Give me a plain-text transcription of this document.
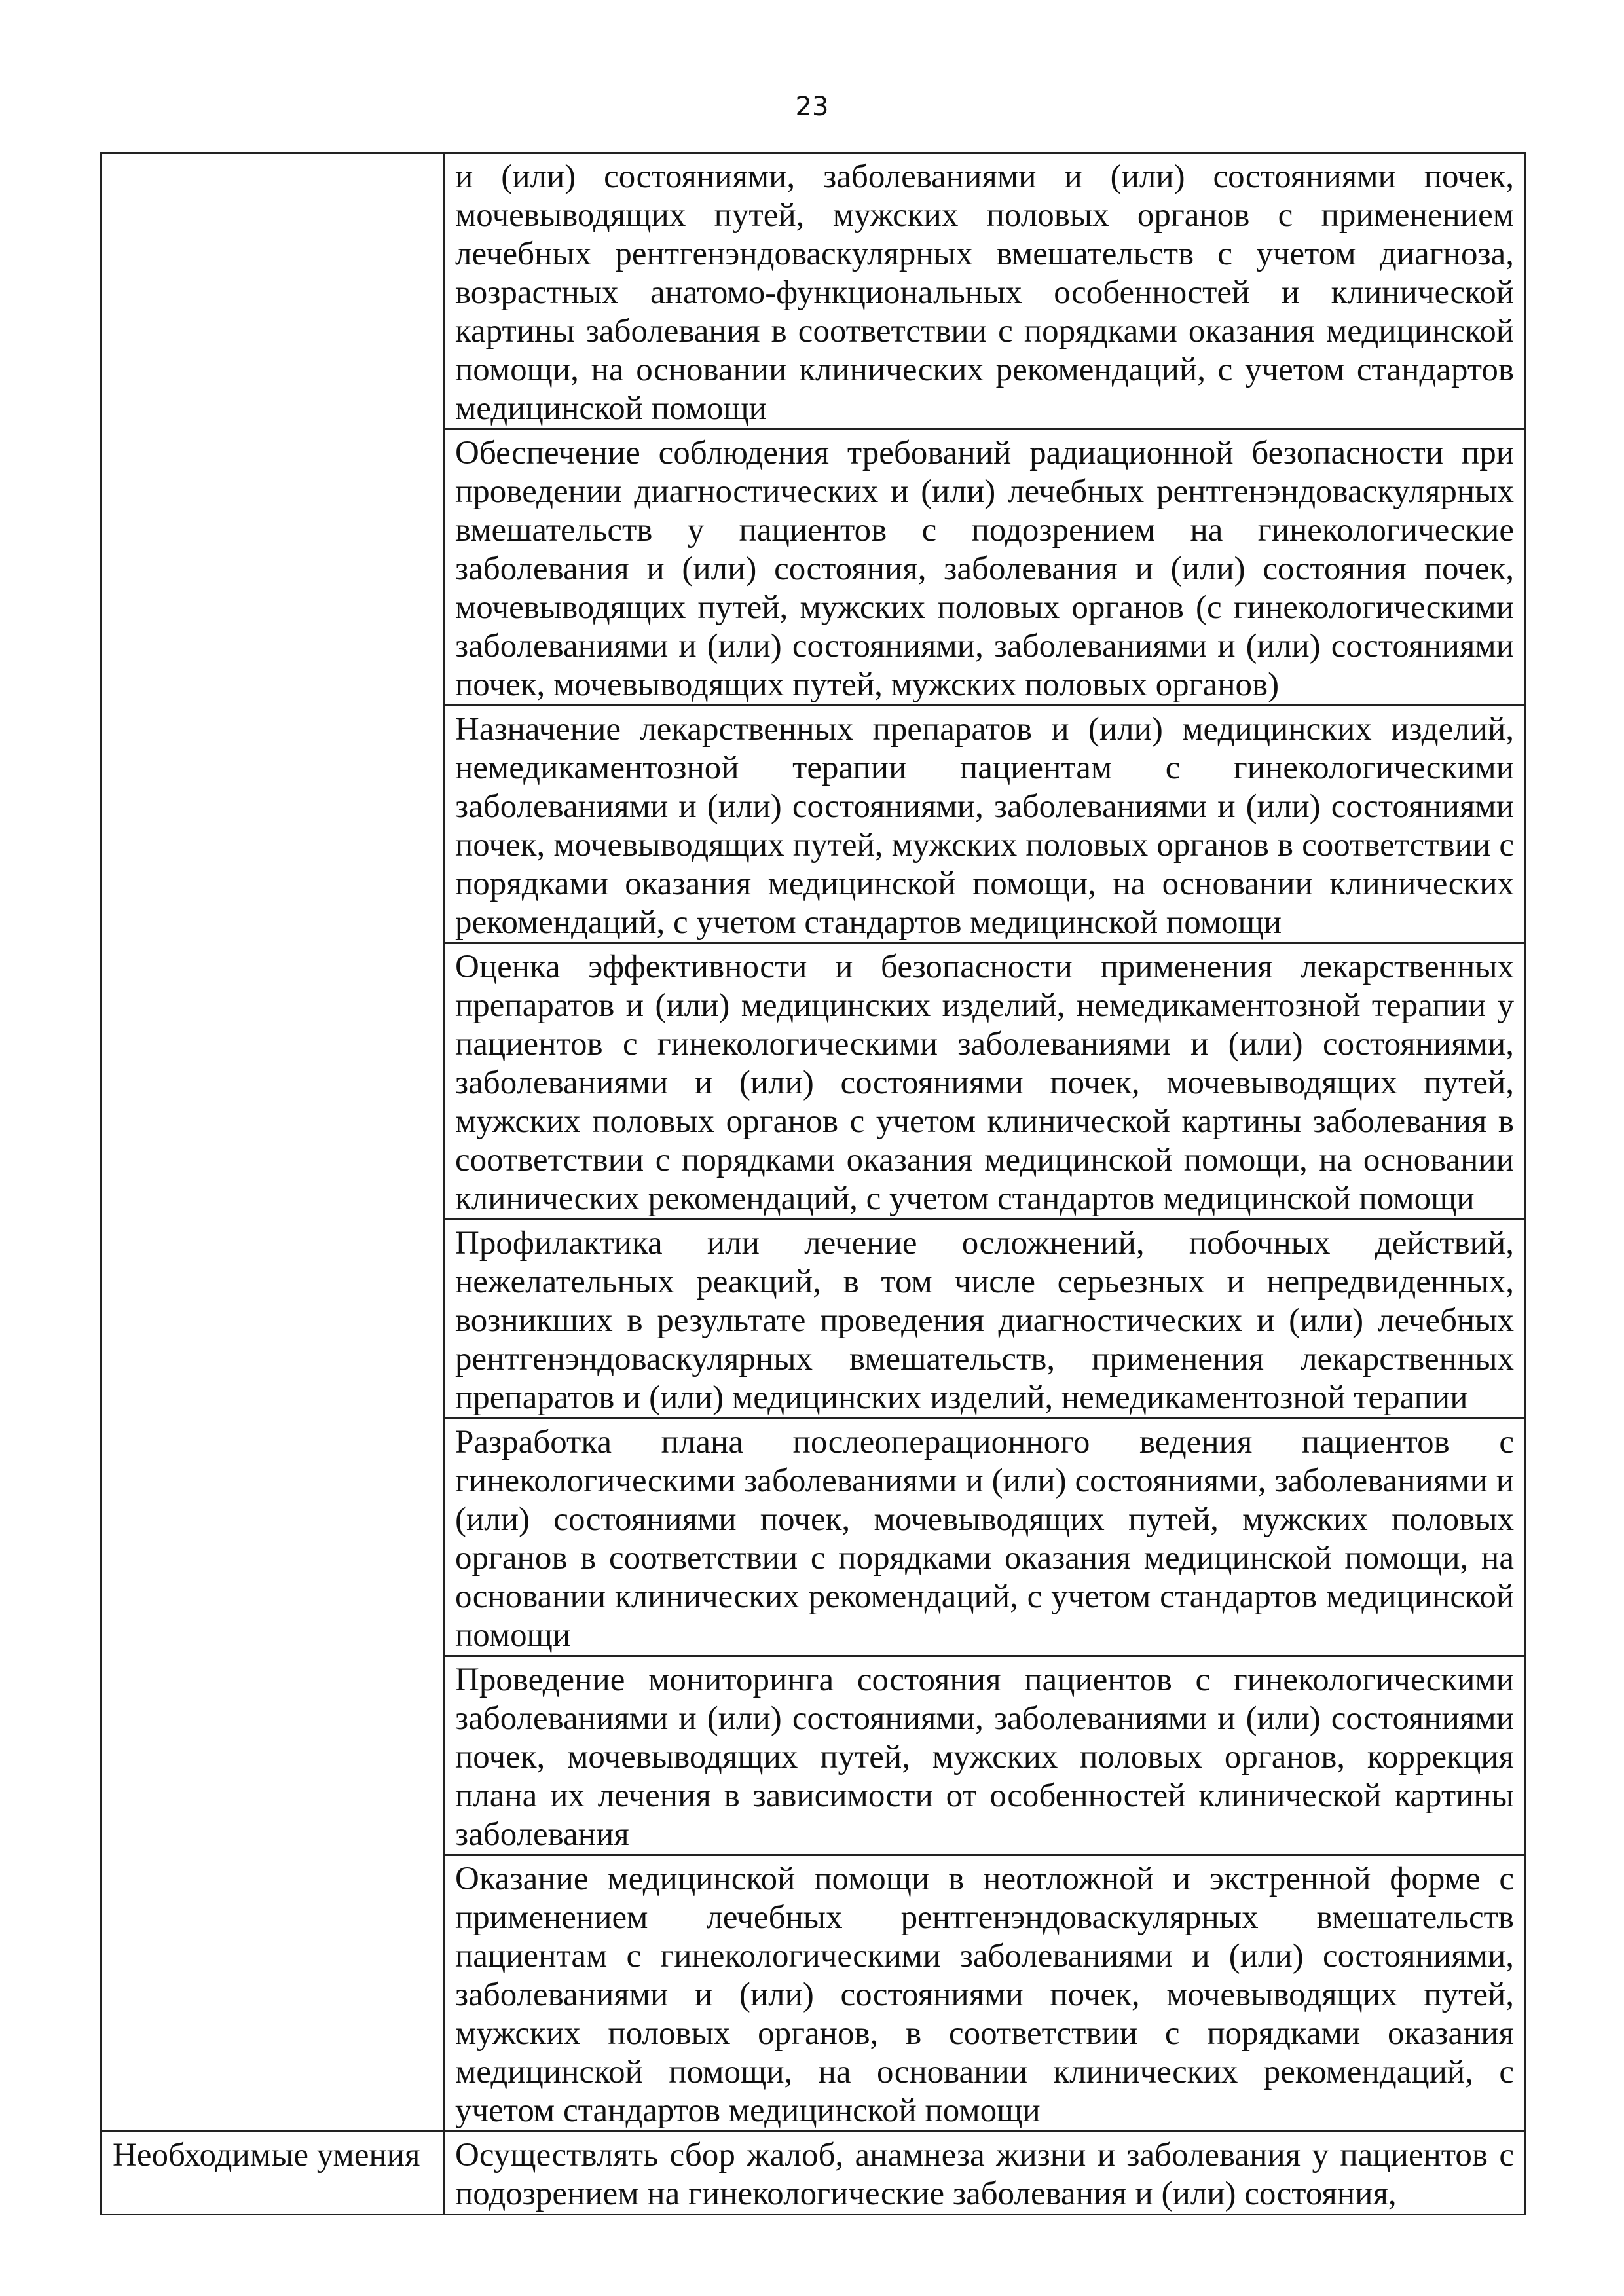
23
	и (или) состояниями, заболеваниями и (или) состояниями почек, мочевыводящих путей, мужских половых органов с применением лечебных рентгенэндоваскулярных вмешательств с учетом диагноза, возрастных анатомо-функциональных особенностей и клинической картины заболевания в соответствии с порядками оказания медицинской помощи, на основании клинических рекомендаций, с учетом стандартов медицинской помощи
	Обеспечение соблюдения требований радиационной безопасности при проведении диагностических и (или) лечебных рентгенэндоваскулярных вмешательств у пациентов с подозрением на гинекологические заболевания и (или) состояния, заболевания и (или) состояния почек, мочевыводящих путей, мужских половых органов (с гинекологическими заболеваниями и (или) состояниями, заболеваниями и (или) состояниями почек, мочевыводящих путей, мужских половых органов)
	Назначение лекарственных препаратов и (или) медицинских изделий, немедикаментозной терапии пациентам с гинекологическими заболеваниями и (или) состояниями, заболеваниями и (или) состояниями почек, мочевыводящих путей, мужских половых органов в соответствии с порядками оказания медицинской помощи, на основании клинических рекомендаций, с учетом стандартов медицинской помощи
	Оценка эффективности и безопасности применения лекарственных препаратов и (или) медицинских изделий, немедикаментозной терапии у пациентов с гинекологическими заболеваниями и (или) состояниями, заболеваниями и (или) состояниями почек, мочевыводящих путей, мужских половых органов с учетом клинической картины заболевания в соответствии с порядками оказания медицинской помощи, на основании клинических рекомендаций, с учетом стандартов медицинской помощи
	Профилактика или лечение осложнений, побочных действий, нежелательных реакций, в том числе серьезных и непредвиденных, возникших в результате проведения диагностических и (или) лечебных рентгенэндоваскулярных вмешательств, применения лекарственных препаратов и (или) медицинских изделий, немедикаментозной терапии
	Разработка плана послеоперационного ведения пациентов с гинекологическими заболеваниями и (или) состояниями, заболеваниями и (или) состояниями почек, мочевыводящих путей, мужских половых органов в соответствии с порядками оказания медицинской помощи, на основании клинических рекомендаций, с учетом стандартов медицинской помощи
	Проведение мониторинга состояния пациентов с гинекологическими заболеваниями и (или) состояниями, заболеваниями и (или) состояниями почек, мочевыводящих путей, мужских половых органов, коррекция плана их лечения в зависимости от особенностей клинической картины заболевания
	Оказание медицинской помощи в неотложной и экстренной форме с применением лечебных рентгенэндоваскулярных вмешательств пациентам с гинекологическими заболеваниями и (или) состояниями, заболеваниями и (или) состояниями почек, мочевыводящих путей, мужских половых органов, в соответствии с порядками оказания медицинской помощи, на основании клинических рекомендаций, с учетом стандартов медицинской помощи
Необходимые умения	Осуществлять сбор жалоб, анамнеза жизни и заболевания у пациентов с подозрением на гинекологические заболевания и (или) состояния,
